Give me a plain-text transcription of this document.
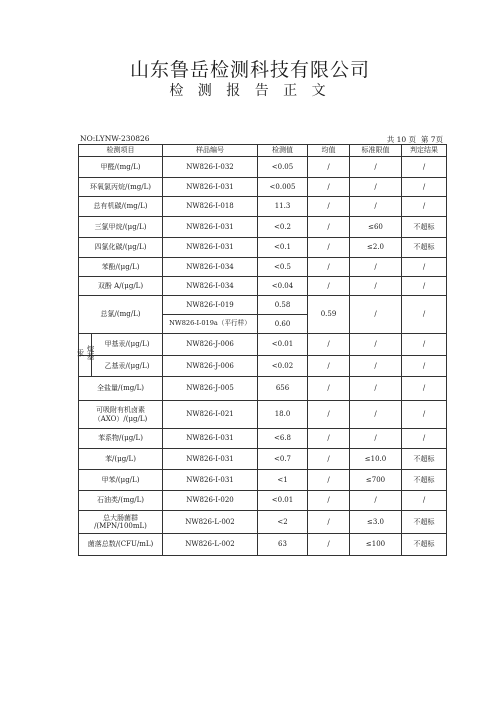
山东鲁岳检测科技有限公司
检 测 报 告 正 文
NO:LYNW-230826	共 10 页 第 7页
检测项目	样品编号	检测值	均值	标准限值	判定结果
甲醛/(mg/L)	NW826-I-032	<0.05	/	/	/
环氧氯丙烷/(mg/L)	NW826-I-031	<0.005	/	/	/
总有机碳/(mg/L)	NW826-I-018	11.3	/	/	/
三氯甲烷/(μg/L)	NW826-I-031	<0.2	/	≤60	不超标
四氯化碳/(μg/L)	NW826-I-031	<0.1	/	≤2.0	不超标
苯酚/(μg/L)	NW826-I-034	<0.5	/	/	/
双酚 A/(μg/L)	NW826-I-034	<0.04	/	/	/
总氯/(mg/L)	NW826-I-019	0.58	0.59	/	/
	NW826-I-019a（平行样）	0.60			

烷基汞
甲基汞/(μg/L)	NW826-J-006	<0.01	/	/	/

乙基汞/(μg/L)	NW826-J-006	<0.02	/	/	/
全盐量/(mg/L)	NW826-J-005	656	/	/	/

可吸附有机卤素
（AXO）/(μg/L)	NW826-I-021	18.0	/	/	/
苯系物/(μg/L)	NW826-I-031	<6.8	/	/	/
苯/(μg/L)	NW826-I-031	<0.7	/	≤10.0	不超标
甲苯/(μg/L)	NW826-I-031	<1	/	≤700	不超标
石油类/(mg/L)	NW826-I-020	<0.01	/	/	/

总大肠菌群
/(MPN/100mL)	NW826-L-002	<2	/	≤3.0	不超标
菌落总数/(CFU/mL)	NW826-L-002	63	/	≤100	不超标
